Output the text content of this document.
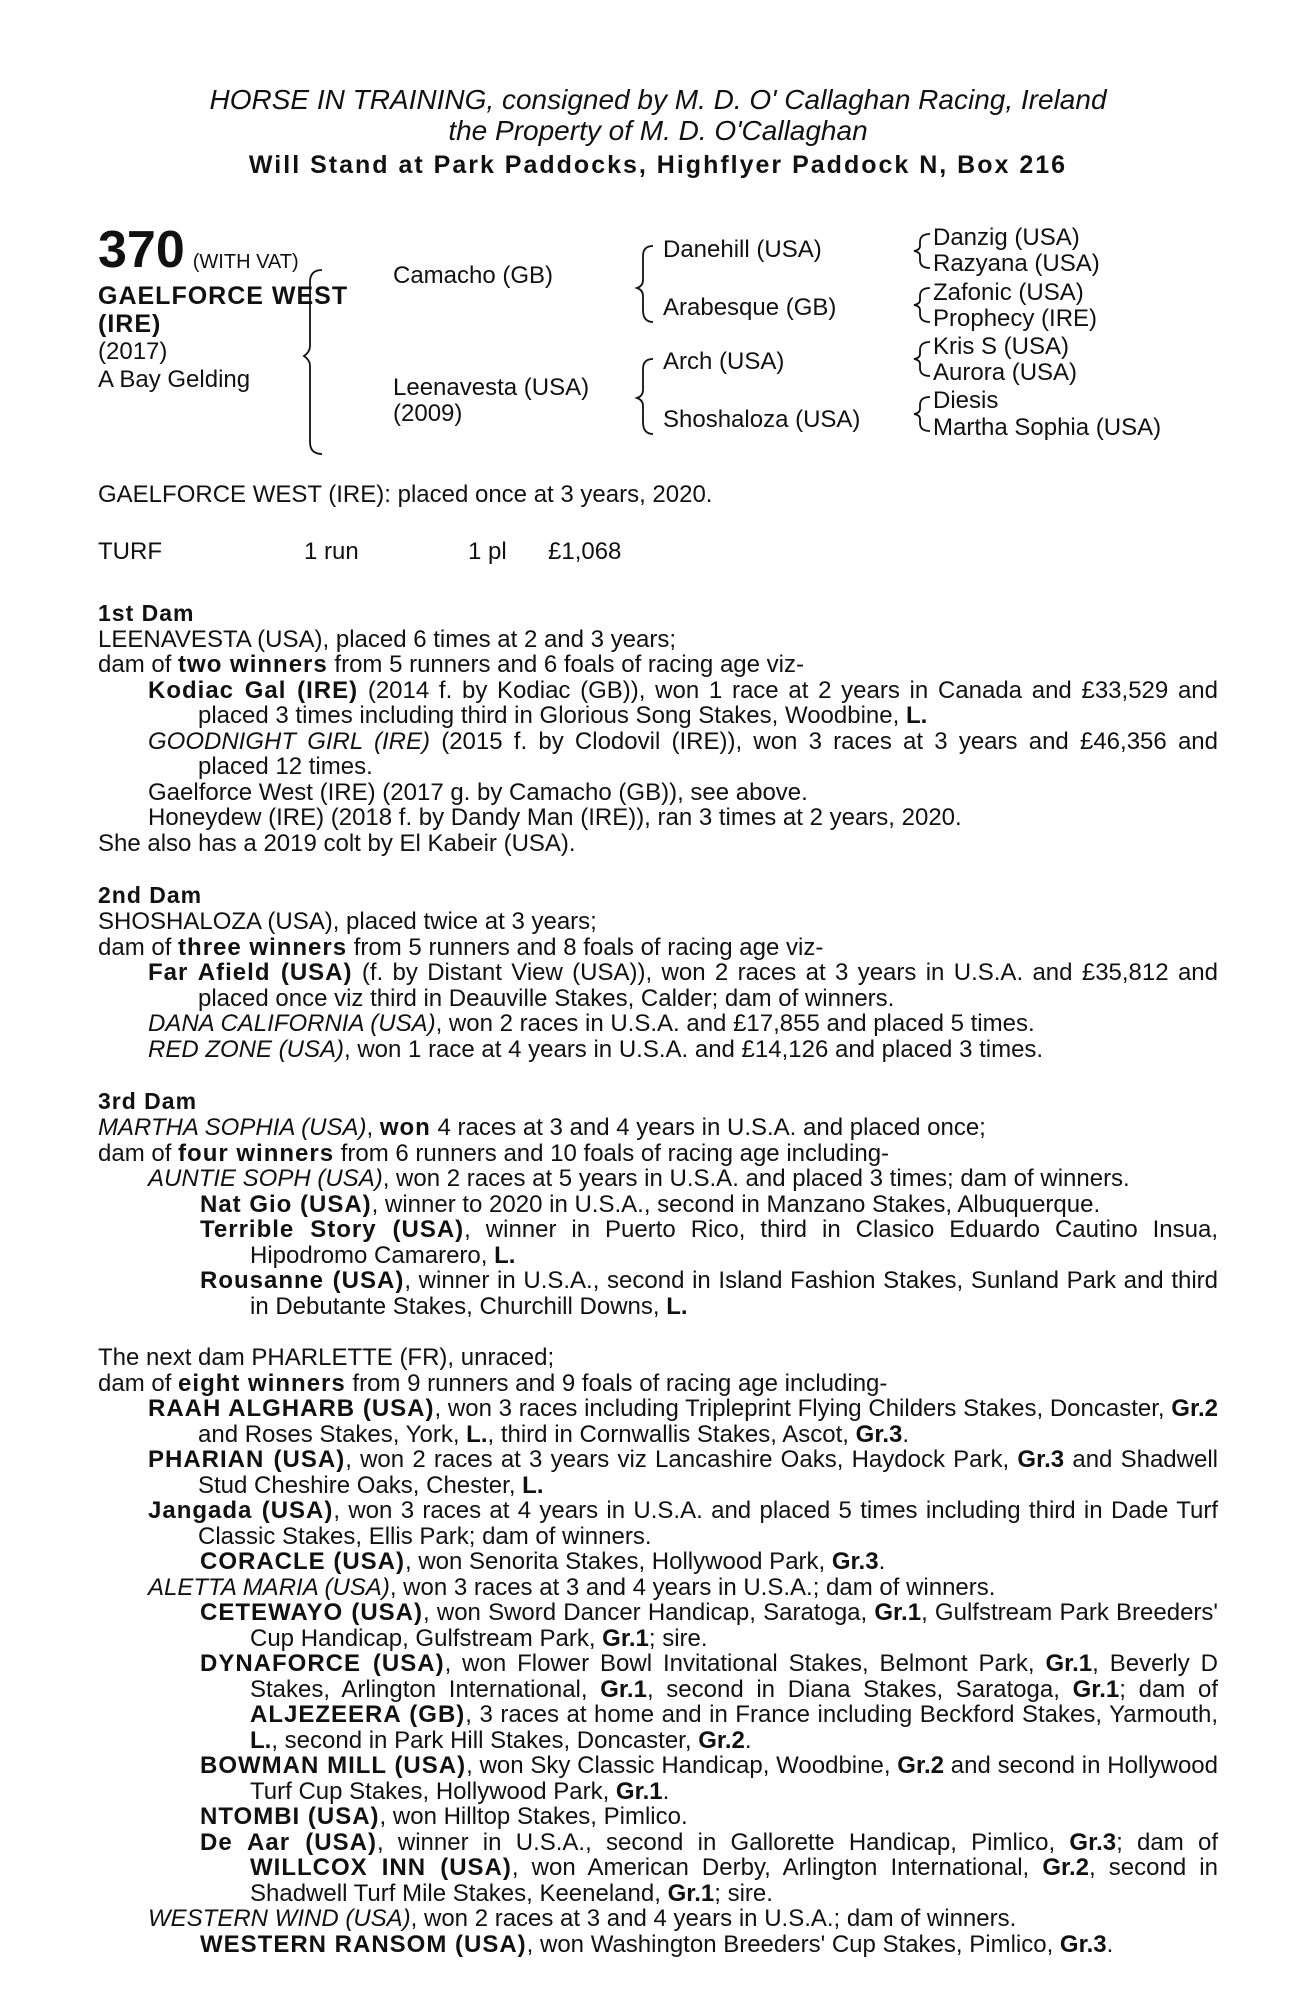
HORSE IN TRAINING, consigned by M. D. O' Callaghan Racing, Ireland
the Property of M. D. O'Callaghan
Will Stand at Park Paddocks, Highflyer Paddock N, Box 216
370 (WITH VAT)
GAELFORCE WEST (IRE)
(2017)
A Bay Gelding
Camacho (GB)
Leenavesta (USA)
(2009)
Danehill (USA)
Arabesque (GB)
Arch (USA)
Shoshaloza (USA)
Danzig (USA)
Razyana (USA)
Zafonic (USA)
Prophecy (IRE)
Kris S (USA)
Aurora (USA)
Diesis
Martha Sophia (USA)
GAELFORCE WEST (IRE): placed once at 3 years, 2020.
TURF	1 run	1 pl £1,068
1st Dam
LEENAVESTA (USA), placed 6 times at 2 and 3 years;
dam of two winners from 5 runners and 6 foals of racing age viz-
Kodiac Gal (IRE) (2014 f. by Kodiac (GB)), won 1 race at 2 years in Canada and £33,529 and placed 3 times including third in Glorious Song Stakes, Woodbine, L.
GOODNIGHT GIRL (IRE) (2015 f. by Clodovil (IRE)), won 3 races at 3 years and £46,356 and placed 12 times.
Gaelforce West (IRE) (2017 g. by Camacho (GB)), see above.
Honeydew (IRE) (2018 f. by Dandy Man (IRE)), ran 3 times at 2 years, 2020.
She also has a 2019 colt by El Kabeir (USA).
2nd Dam
SHOSHALOZA (USA), placed twice at 3 years;
dam of three winners from 5 runners and 8 foals of racing age viz-
Far Afield (USA) (f. by Distant View (USA)), won 2 races at 3 years in U.S.A. and £35,812 and placed once viz third in Deauville Stakes, Calder; dam of winners.
DANA CALIFORNIA (USA), won 2 races in U.S.A. and £17,855 and placed 5 times.
RED ZONE (USA), won 1 race at 4 years in U.S.A. and £14,126 and placed 3 times.
3rd Dam
MARTHA SOPHIA (USA), won 4 races at 3 and 4 years in U.S.A. and placed once;
dam of four winners from 6 runners and 10 foals of racing age including-
AUNTIE SOPH (USA), won 2 races at 5 years in U.S.A. and placed 3 times; dam of winners.
Nat Gio (USA), winner to 2020 in U.S.A., second in Manzano Stakes, Albuquerque.
Terrible Story (USA), winner in Puerto Rico, third in Clasico Eduardo Cautino Insua, Hipodromo Camarero, L.
Rousanne (USA), winner in U.S.A., second in Island Fashion Stakes, Sunland Park and third in Debutante Stakes, Churchill Downs, L.
The next dam PHARLETTE (FR), unraced;
dam of eight winners from 9 runners and 9 foals of racing age including-
RAAH ALGHARB (USA), won 3 races including Tripleprint Flying Childers Stakes, Doncaster, Gr.2 and Roses Stakes, York, L., third in Cornwallis Stakes, Ascot, Gr.3.
PHARIAN (USA), won 2 races at 3 years viz Lancashire Oaks, Haydock Park, Gr.3 and Shadwell Stud Cheshire Oaks, Chester, L.
Jangada (USA), won 3 races at 4 years in U.S.A. and placed 5 times including third in Dade Turf Classic Stakes, Ellis Park; dam of winners.
CORACLE (USA), won Senorita Stakes, Hollywood Park, Gr.3.
ALETTA MARIA (USA), won 3 races at 3 and 4 years in U.S.A.; dam of winners.
CETEWAYO (USA), won Sword Dancer Handicap, Saratoga, Gr.1, Gulfstream Park Breeders' Cup Handicap, Gulfstream Park, Gr.1; sire.
DYNAFORCE (USA), won Flower Bowl Invitational Stakes, Belmont Park, Gr.1, Beverly D Stakes, Arlington International, Gr.1, second in Diana Stakes, Saratoga, Gr.1; dam of ALJEZEERA (GB), 3 races at home and in France including Beckford Stakes, Yarmouth, L., second in Park Hill Stakes, Doncaster, Gr.2.
BOWMAN MILL (USA), won Sky Classic Handicap, Woodbine, Gr.2 and second in Hollywood Turf Cup Stakes, Hollywood Park, Gr.1.
NTOMBI (USA), won Hilltop Stakes, Pimlico.
De Aar (USA), winner in U.S.A., second in Gallorette Handicap, Pimlico, Gr.3; dam of WILLCOX INN (USA), won American Derby, Arlington International, Gr.2, second in Shadwell Turf Mile Stakes, Keeneland, Gr.1; sire.
WESTERN WIND (USA), won 2 races at 3 and 4 years in U.S.A.; dam of winners.
WESTERN RANSOM (USA), won Washington Breeders' Cup Stakes, Pimlico, Gr.3.
